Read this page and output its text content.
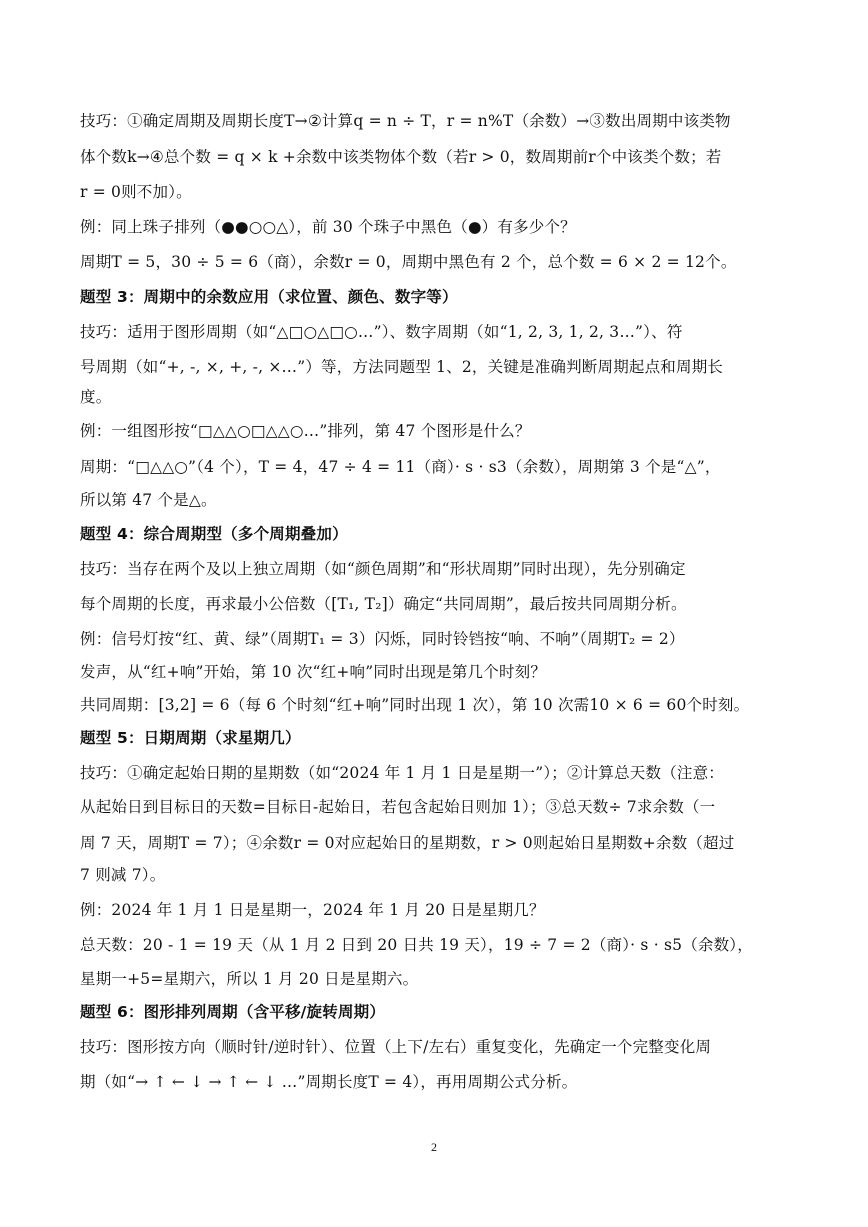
技巧：①确定周期及周期长度T→②计算q = n ÷ T，r = n%T（余数）→③数出周期中该类物
体个数k→④总个数 = q × k +余数中该类物体个数（若r > 0，数周期前r个中该类个数；若
r = 0则不加）。
例：同上珠子排列（●●○○△），前 30 个珠子中黑色（●）有多少个？
周期T = 5，30 ÷ 5 = 6（商），余数r = 0，周期中黑色有 2 个，总个数 = 6 × 2 = 12个。
题型 3：周期中的余数应用（求位置、颜色、数字等）
技巧：适用于图形周期（如“△□○△□○…”）、数字周期（如“1, 2, 3, 1, 2, 3…”）、符
号周期（如“+, -, ×, +, -, ×…”）等，方法同题型 1、2，关键是准确判断周期起点和周期长
度。
例：一组图形按“□△△○□△△○…”排列，第 47 个图形是什么？
周期：“□△△○”（4 个），T = 4，47 ÷ 4 = 11（商）· s · s3（余数），周期第 3 个是“△”，
所以第 47 个是△。
题型 4：综合周期型（多个周期叠加）
技巧：当存在两个及以上独立周期（如“颜色周期”和“形状周期”同时出现），先分别确定
每个周期的长度，再求最小公倍数（[T₁, T₂]）确定“共同周期”，最后按共同周期分析。
例：信号灯按“红、黄、绿”（周期T₁ = 3）闪烁，同时铃铛按“响、不响”（周期T₂ = 2）
发声，从“红+响”开始，第 10 次“红+响”同时出现是第几个时刻？
共同周期：[3,2] = 6（每 6 个时刻“红+响”同时出现 1 次），第 10 次需10 × 6 = 60个时刻。
题型 5：日期周期（求星期几）
技巧：①确定起始日期的星期数（如“2024 年 1 月 1 日是星期一”）；②计算总天数（注意：
从起始日到目标日的天数=目标日-起始日，若包含起始日则加 1）；③总天数÷ 7求余数（一
周 7 天，周期T = 7）；④余数r = 0对应起始日的星期数，r > 0则起始日星期数+余数（超过
7 则减 7）。
例：2024 年 1 月 1 日是星期一，2024 年 1 月 20 日是星期几？
总天数：20 - 1 = 19 天（从 1 月 2 日到 20 日共 19 天），19 ÷ 7 = 2（商）· s · s5（余数），
星期一+5=星期六，所以 1 月 20 日是星期六。
题型 6：图形排列周期（含平移/旋转周期）
技巧：图形按方向（顺时针/逆时针）、位置（上下/左右）重复变化，先确定一个完整变化周
期（如“→ ↑ ← ↓ → ↑ ← ↓ …”周期长度T = 4），再用周期公式分析。
2
